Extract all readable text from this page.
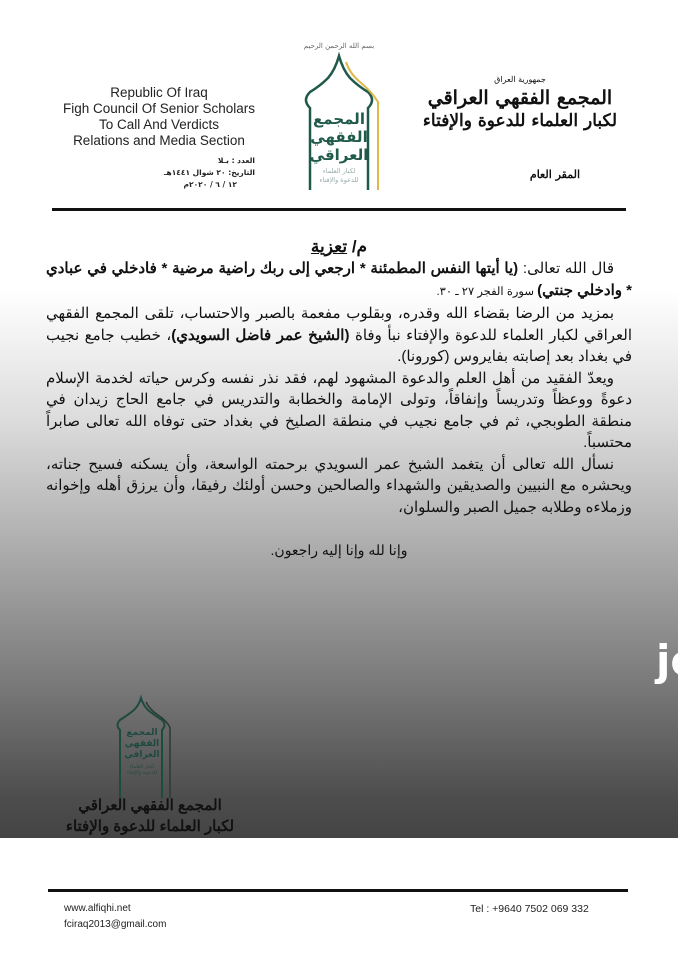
Republic Of Iraq
Figh Council Of Senior Scholars
To Call And Verdicts
Relations and Media Section
العدد : بـلا
التاريخ: ٢٠ شوال ١٤٤١هـ
١٢ / ٦ / ٢٠٢٠م
بسم الله الرحمن الرحيم
المجمع
الفقهي
العراقي
لكبار العلماء
للدعوة والإفتاء
جمهورية العراق
المجمع الفقهي العراقي
لكبار العلماء للدعوة والإفتاء
المقر العام
م/ تعزية

قال الله تعالى: (يا أيتها النفس المطمئنة * ارجعي إلى ربك راضية مرضية * فادخلي في عبادي * وادخلي جنتي) سورة الفجر ٢٧ ـ ٣٠.

بمزيد من الرضا بقضاء الله وقدره، وبقلوب مفعمة بالصبر والاحتساب، تلقى المجمع الفقهي العراقي لكبار العلماء للدعوة والإفتاء نبأ وفاة (الشيخ عمر فاضل السويدي)، خطيب جامع نجيب في بغداد بعد إصابته بفايروس (كورونا).

ويعدّ الفقيد من أهل العلم والدعوة المشهود لهم، فقد نذر نفسه وكرس حياته لخدمة الإسلام دعوةً ووعظاً وتدريساً وإنفاقاً، وتولى الإمامة والخطابة والتدريس في جامع الحاج زيدان في منطقة الطوبجي، ثم في جامع نجيب في منطقة الصليخ في بغداد حتى توفاه الله تعالى صابراً محتسباً.

نسأل الله تعالى أن يتغمد الشيخ عمر السويدي برحمته الواسعة، وأن يسكنه فسيح جناته، ويحشره مع النبيين والصديقين والشهداء والصالحين وحسن أولئك رفيقا، وأن يرزق أهله وإخوانه وزملاءه وطلابه جميل الصبر والسلوان،

وإنا لله وإنا إليه راجعون.
المجمع
الفقهي
العراقي
لكبار العلماء
للدعوة والإفتاء
المجمع الفقهي العراقي
لكبار العلماء للدعوة والإفتاء
jo
www.alfiqhi.net
fciraq2013@gmail.com
Tel : +9640 7502 069 332
